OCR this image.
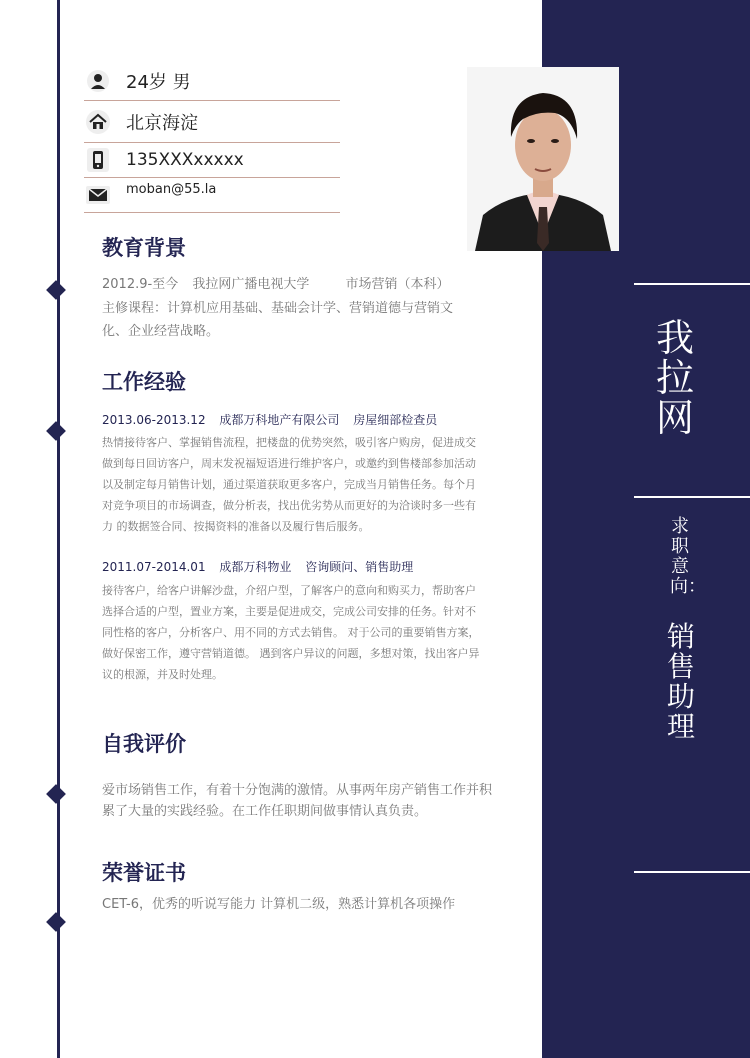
我拉网
求职意向：
销售助理
24岁 男
北京海淀
135XXXxxxxx
moban@55.la
教育背景
2012.9-至今 我拉网广播电视大学	市场营销（本科）

主修课程：计算机应用基础、基础会计学、营销道德与营销文化、企业经营战略。

工作经验
2013.06-2013.12 成都万科地产有限公司 房屋细部检查员

热情接待客户、掌握销售流程，把楼盘的优势突然，吸引客户购房，促进成交做到每日回访客户，周末发祝福短语进行维护客户，或邀约到售楼部参加活动以及制定每月销售计划，通过渠道获取更多客户，完成当月销售任务。每个月对竞争项目的市场调查，做分析表，找出优劣势从而更好的为洽谈时多一些有力 的数据签合同、按揭资料的准备以及履行售后服务。

2011.07-2014.01 成都万科物业 咨询顾问、销售助理

接待客户，给客户讲解沙盘，介绍户型，了解客户的意向和购买力，帮助客户选择合适的户型，置业方案，主要是促进成交，完成公司安排的任务。针对不同性格的客户，分析客户、用不同的方式去销售。 对于公司的重要销售方案，做好保密工作，遵守营销道德。 遇到客户异议的问题，多想对策，找出客户异议的根源，并及时处理。

自我评价

爱市场销售工作，有着十分饱满的激情。从事两年房产销售工作并积累了大量的实践经验。在工作任职期间做事情认真负责。

荣誉证书

CET-6，优秀的听说写能力 计算机二级，熟悉计算机各项操作
